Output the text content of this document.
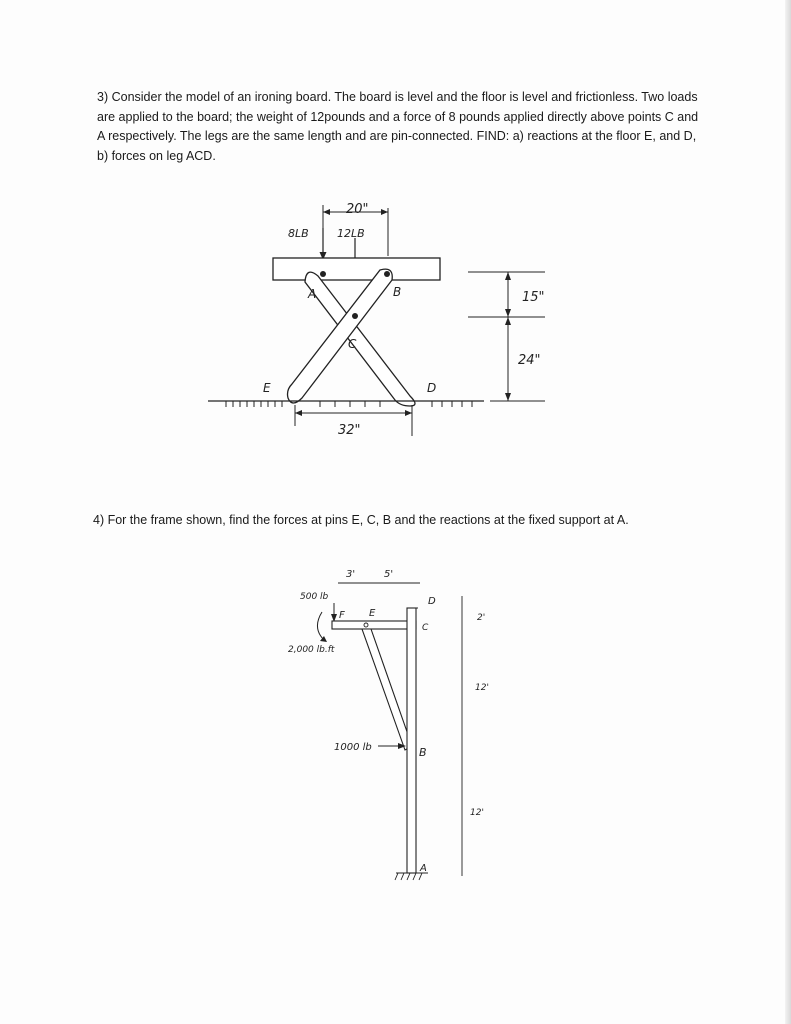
3) Consider the model of an ironing board. The board is level and the floor is level and frictionless. Two loads are applied to the board; the weight of 12pounds and a force of 8 pounds applied directly above points C and A respectively. The legs are the same length and are pin-connected. FIND: a) reactions at the floor E, and D, b) forces on leg ACD.

20"
8LB	12LB
A	B
C
E	D
32"
15"
24"

4) For the frame shown, find the forces at pins E, C, B and the reactions at the fixed support at A.

3'	5'
D
500 lb
2,000 lb.ft
F E
C
1000 lb	B
A
2'
12'
12'
